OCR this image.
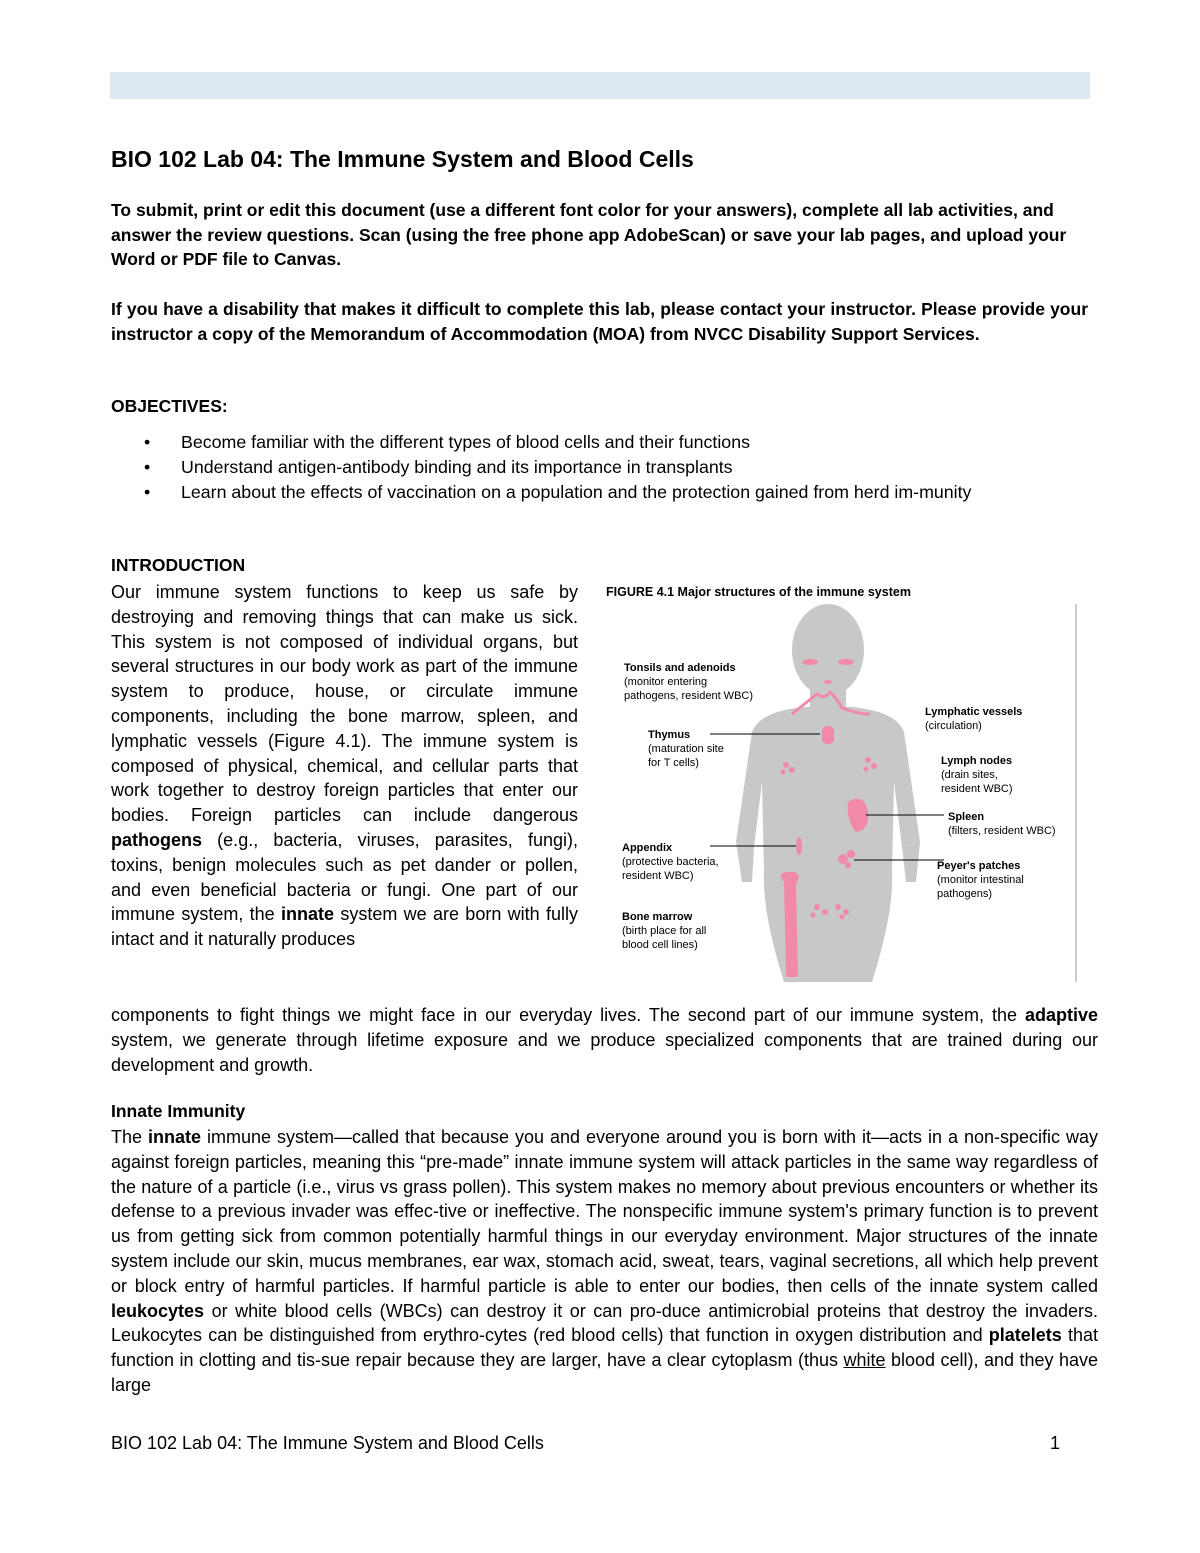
BIO 102 Lab 04: The Immune System and Blood Cells

To submit, print or edit this document (use a different font color for your answers), complete all lab activities, and answer the review questions. Scan (using the free phone app AdobeScan) or save your lab pages, and upload your Word or PDF file to Canvas.

If you have a disability that makes it difficult to complete this lab, please contact your instructor. Please provide your instructor a copy of the Memorandum of Accommodation (MOA) from NVCC Disability Support Services.

OBJECTIVES:

• Become familiar with the different types of blood cells and their functions
• Understand antigen-antibody binding and its importance in transplants
• Learn about the effects of vaccination on a population and the protection gained from herd im-munity

INTRODUCTION

Our immune system functions to keep us safe by destroying and removing things that can make us sick. This system is not composed of individual organs, but several structures in our body work as part of the immune system to produce, house, or circulate immune components, including the bone marrow, spleen, and lymphatic vessels (Figure 4.1). The immune system is composed of physical, chemical, and cellular parts that work together to destroy foreign particles that enter our bodies. Foreign particles can include dangerous pathogens (e.g., bacteria, viruses, parasites, fungi), toxins, benign molecules such as pet dander or pollen, and even beneficial bacteria or fungi. One part of our immune system, the innate system we are born with fully intact and it naturally produces

components to fight things we might face in our everyday lives. The second part of our immune system, the adaptive system, we generate through lifetime exposure and we produce specialized components that are trained during our development and growth.

Tonsils and adenoids
(monitor entering
pathogens, resident WBC)
Thymus
(maturation site
for T cells)
Appendix
(protective bacteria,
resident WBC)
Bone marrow
(birth place for all
blood cell lines)
Lymphatic vessels
(circulation)
Lymph nodes
(drain sites,
resident WBC)
Spleen
(filters, resident WBC)
Peyer's patches
(monitor intestinal
pathogens)

FIGURE 4.1 Major structures of the immune system

Innate Immunity

The innate immune system—called that because you and everyone around you is born with it—acts in a non-specific way against foreign particles, meaning this “pre-made” innate immune system will attack particles in the same way regardless of the nature of a particle (i.e., virus vs grass pollen). This system makes no memory about previous encounters or whether its defense to a previous invader was effec-tive or ineffective. The nonspecific immune system's primary function is to prevent us from getting sick from common potentially harmful things in our everyday environment. Major structures of the innate system include our skin, mucus membranes, ear wax, stomach acid, sweat, tears, vaginal secretions, all which help prevent or block entry of harmful particles. If harmful particle is able to enter our bodies, then cells of the innate system called leukocytes or white blood cells (WBCs) can destroy it or can pro-duce antimicrobial proteins that destroy the invaders. Leukocytes can be distinguished from erythro-cytes (red blood cells) that function in oxygen distribution and platelets that function in clotting and tis-sue repair because they are larger, have a clear cytoplasm (thus white blood cell), and they have large

BIO 102 Lab 04: The Immune System and Blood Cells	1
